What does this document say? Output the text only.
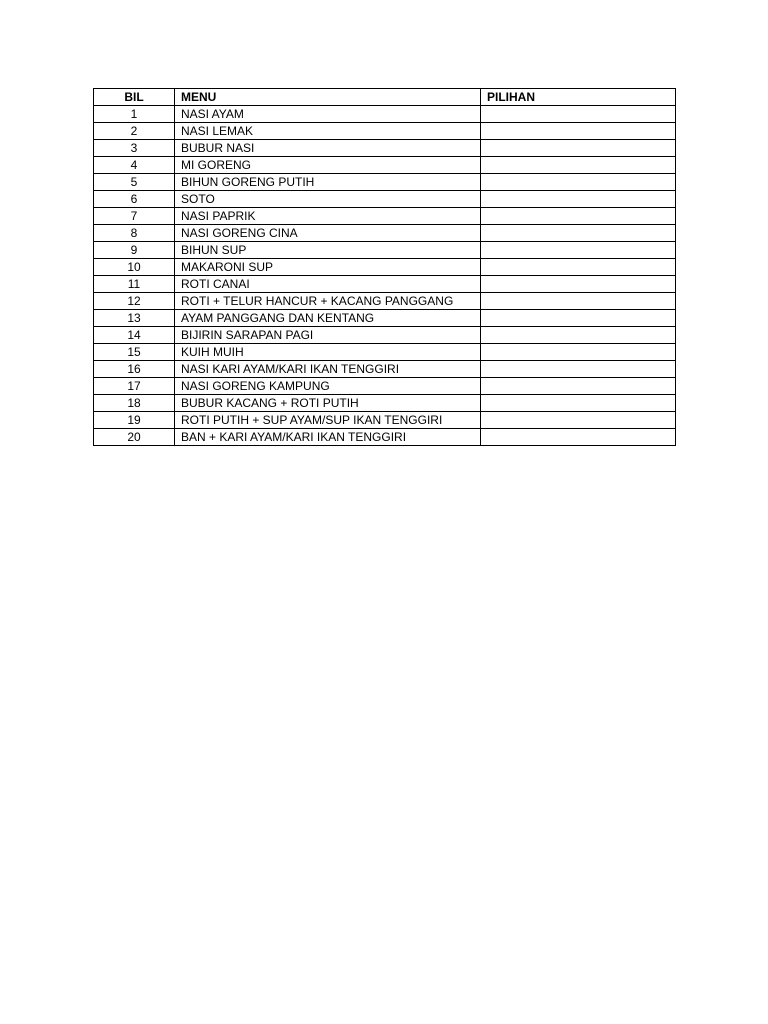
BIL	MENU	PILIHAN
1	NASI AYAM	
2	NASI LEMAK	
3	BUBUR NASI	
4	MI GORENG	
5	BIHUN GORENG PUTIH	
6	SOTO	
7	NASI PAPRIK	
8	NASI GORENG CINA	
9	BIHUN SUP	
10	MAKARONI SUP	
11	ROTI CANAI	
12	ROTI + TELUR HANCUR + KACANG PANGGANG	
13	AYAM PANGGANG DAN KENTANG	
14	BIJIRIN SARAPAN PAGI	
15	KUIH MUIH	
16	NASI KARI AYAM/KARI IKAN TENGGIRI	
17	NASI GORENG KAMPUNG	
18	BUBUR KACANG + ROTI PUTIH	
19	ROTI PUTIH + SUP AYAM/SUP IKAN TENGGIRI	
20	BAN + KARI AYAM/KARI IKAN TENGGIRI	
